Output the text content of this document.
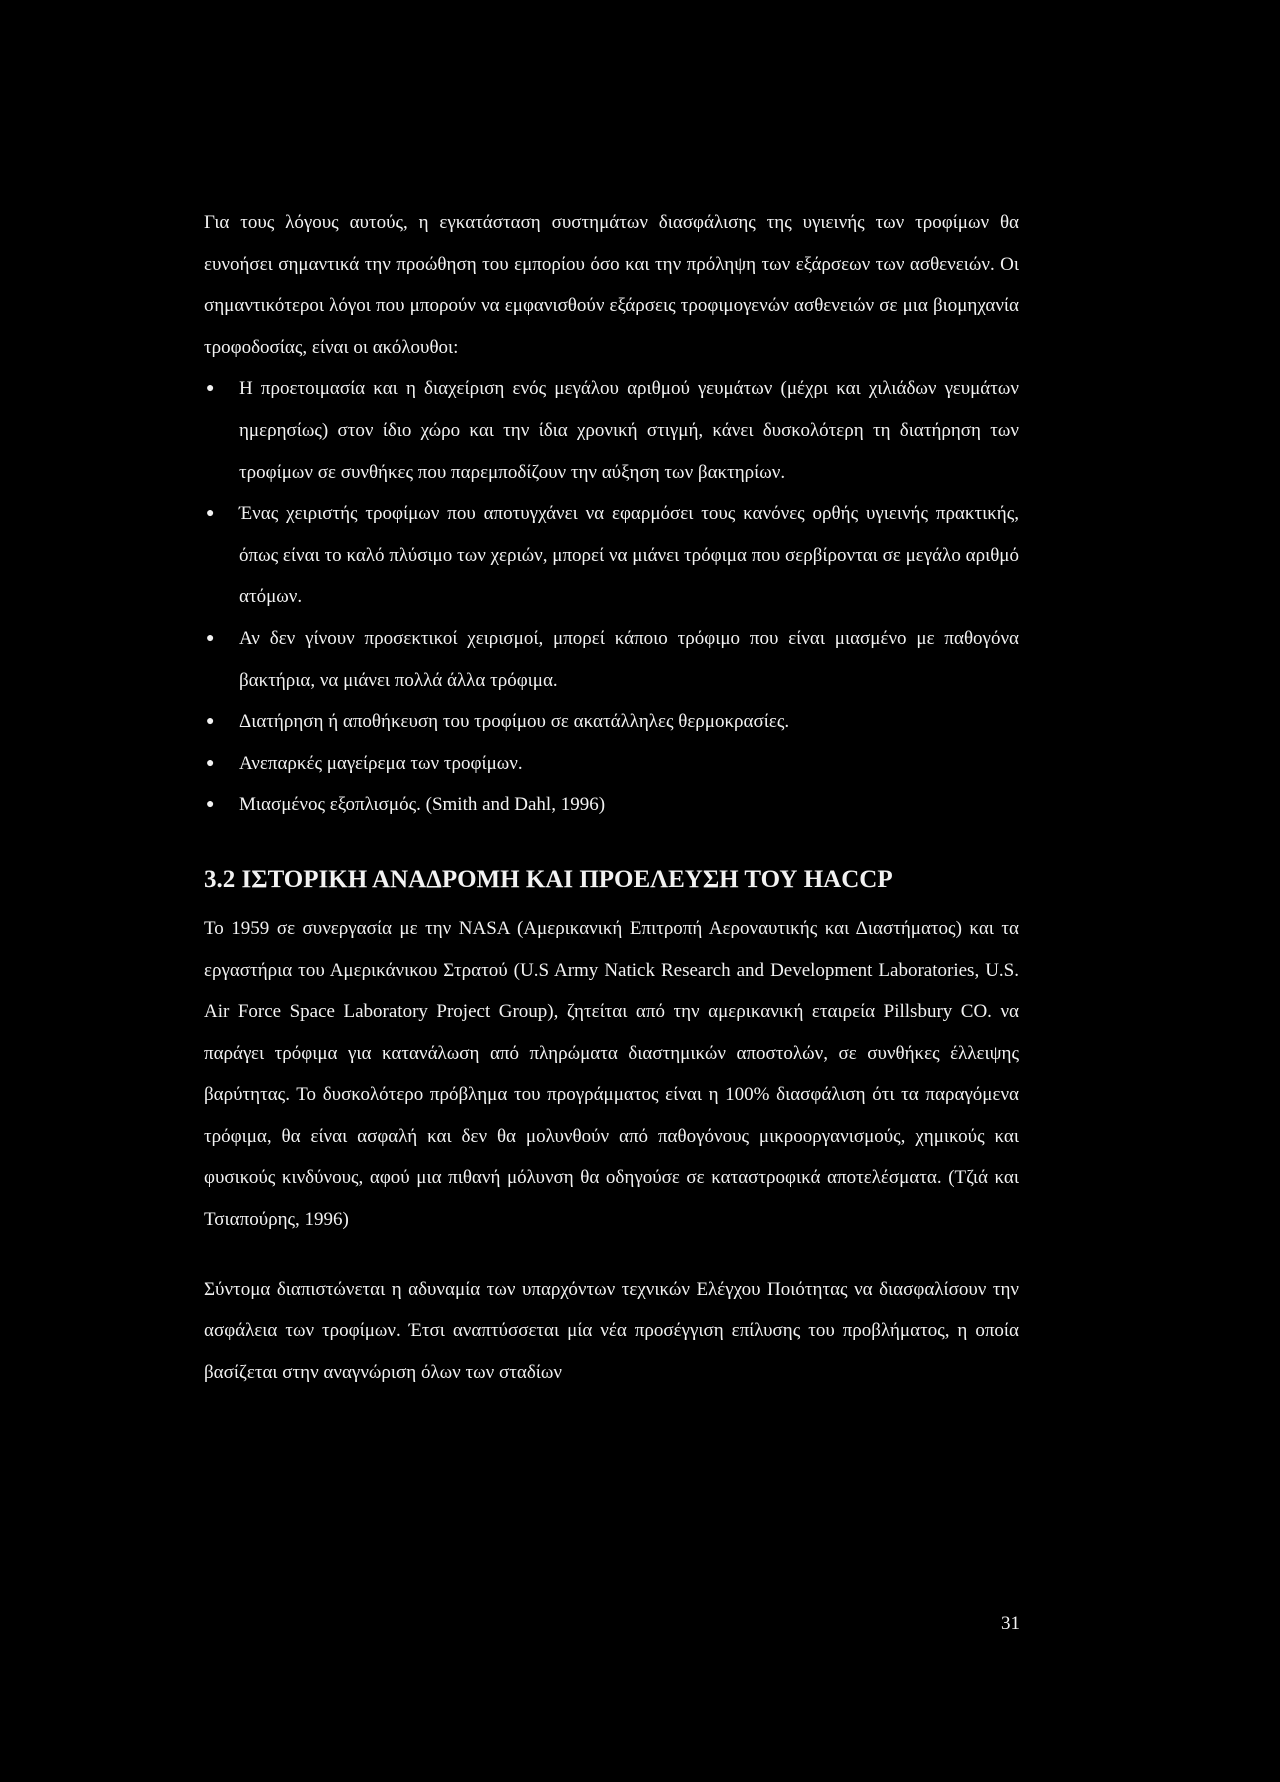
Για τους λόγους αυτούς, η εγκατάσταση συστημάτων διασφάλισης της υγιεινής των τροφίμων θα ευνοήσει σημαντικά την προώθηση του εμπορίου όσο και την πρόληψη των εξάρσεων των ασθενειών. Οι σημαντικότεροι λόγοι που μπορούν να εμφανισθούν εξάρσεις τροφιμογενών ασθενειών σε μια βιομηχανία τροφοδοσίας, είναι οι ακόλουθοι:

● Η προετοιμασία και η διαχείριση ενός μεγάλου αριθμού γευμάτων (μέχρι και χιλιάδων γευμάτων ημερησίως) στον ίδιο χώρο και την ίδια χρονική στιγμή, κάνει δυσκολότερη τη διατήρηση των τροφίμων σε συνθήκες που παρεμποδίζουν την αύξηση των βακτηρίων.
● Ένας χειριστής τροφίμων που αποτυγχάνει να εφαρμόσει τους κανόνες ορθής υγιεινής πρακτικής, όπως είναι το καλό πλύσιμο των χεριών, μπορεί να μιάνει τρόφιμα που σερβίρονται σε μεγάλο αριθμό ατόμων.
● Αν δεν γίνουν προσεκτικοί χειρισμοί, μπορεί κάποιο τρόφιμο που είναι μιασμένο με παθογόνα βακτήρια, να μιάνει πολλά άλλα τρόφιμα.
● Διατήρηση ή αποθήκευση του τροφίμου σε ακατάλληλες θερμοκρασίες.
● Ανεπαρκές μαγείρεμα των τροφίμων.
● Μιασμένος εξοπλισμός. (Smith and Dahl, 1996)
3.2 ΙΣΤΟΡΙΚΗ ΑΝΑΔΡΟΜΗ ΚΑΙ ΠΡΟΕΛΕΥΣΗ ΤΟΥ HACCP

Το 1959 σε συνεργασία με την NASA (Αμερικανική Επιτροπή Αεροναυτικής και Διαστήματος) και τα εργαστήρια του Αμερικάνικου Στρατού (U.S Army Natick Research and Development Laboratories, U.S. Air Force Space Laboratory Project Group), ζητείται από την αμερικανική εταιρεία Pillsbury CO. να παράγει τρόφιμα για κατανάλωση από πληρώματα διαστημικών αποστολών, σε συνθήκες έλλειψης βαρύτητας. Το δυσκολότερο πρόβλημα του προγράμματος είναι η 100% διασφάλιση ότι τα παραγόμενα τρόφιμα, θα είναι ασφαλή και δεν θα μολυνθούν από παθογόνους μικροοργανισμούς, χημικούς και φυσικούς κινδύνους, αφού μια πιθανή μόλυνση θα οδηγούσε σε καταστροφικά αποτελέσματα. (Τζιά και Τσιαπούρης, 1996)

Σύντομα διαπιστώνεται η αδυναμία των υπαρχόντων τεχνικών Ελέγχου Ποιότητας να διασφαλίσουν την ασφάλεια των τροφίμων. Έτσι αναπτύσσεται μία νέα προσέγγιση επίλυσης του προβλήματος, η οποία βασίζεται στην αναγνώριση όλων των σταδίων

31
